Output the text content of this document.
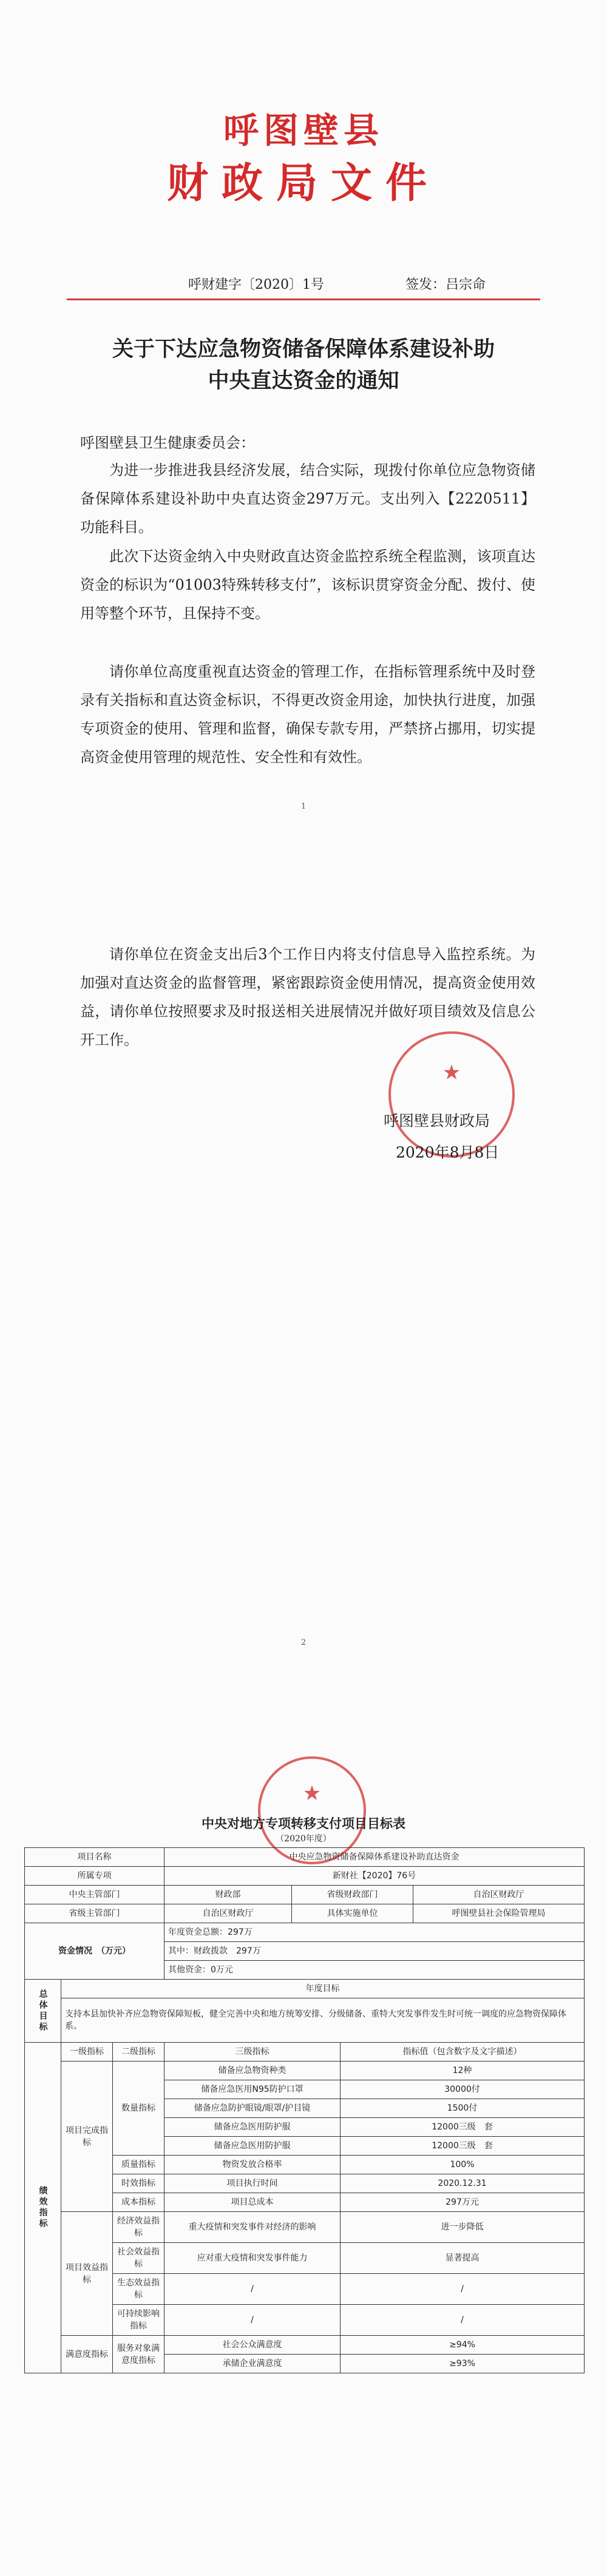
呼图壁县
财政局文件
呼财建字〔2020〕1号	签发：吕宗命
关于下达应急物资储备保障体系建设补助
中央直达资金的通知
呼图壁县卫生健康委员会：

为进一步推进我县经济发展，结合实际，现拨付你单位应急物资储备保障体系建设补助中央直达资金297万元。支出列入【2220511】功能科目。

此次下达资金纳入中央财政直达资金监控系统全程监测，该项直达资金的标识为“01003特殊转移支付”，该标识贯穿资金分配、拨付、使用等整个环节，且保持不变。

请你单位高度重视直达资金的管理工作，在指标管理系统中及时登录有关指标和直达资金标识，不得更改资金用途，加快执行进度，加强专项资金的使用、管理和监督，确保专款专用，严禁挤占挪用，切实提高资金使用管理的规范性、安全性和有效性。

1

请你单位在资金支出后3个工作日内将支付信息导入监控系统。为加强对直达资金的监督管理，紧密跟踪资金使用情况，提高资金使用效益，请你单位按照要求及时报送相关进展情况并做好项目绩效及信息公开工作。

★
呼图壁县财政局
2020年8月8日
2
★
中央对地方专项转移支付项目目标表
（2020年度）
项目名称			中央应急物资储备保障体系建设补助直达资金			
所属专项			新财社【2020】76号			
中央主管部门			财政部	省级财政部门		自治区财政厅
省级主管部门			自治区财政厅	具体实施单位		呼图壁县社会保险管理局
资金情况　（万元）			年度资金总额：297万			
			其中：财政拨款　297万			
			其他资金：0万元			

总体目标	年度目标					
	支持本县加快补齐应急物资保障短板，健全完善中央和地方统筹安排、分级储备、重特大突发事件发生时可统一调度的应急物资保障体系。					

绩效指标	一级指标	二级指标	三级指标		指标值（包含数字及文字描述）	
	项目完成指标	数量指标	储备应急物资种类		12种	
			储备应急医用N95防护口罩		30000付	
			储备应急防护眼镜/眼罩/护目镜		1500付	
			储备应急医用防护服		12000三级　套	
			储备应急医用防护服		12000三级　套	
		质量指标	物资发放合格率		100%	
		时效指标	项目执行时间		2020.12.31	
		成本指标	项目总成本		297万元	
	项目效益指标	经济效益指标	重大疫情和突发事件对经济的影响		进一步降低	
		社会效益指标	应对重大疫情和突发事件能力		显著提高	
		生态效益指标	/		/	
		可持续影响指标	/		/	
	满意度指标	服务对象满意度指标	社会公众满意度		≥94%	
			承储企业满意度		≥93%	
